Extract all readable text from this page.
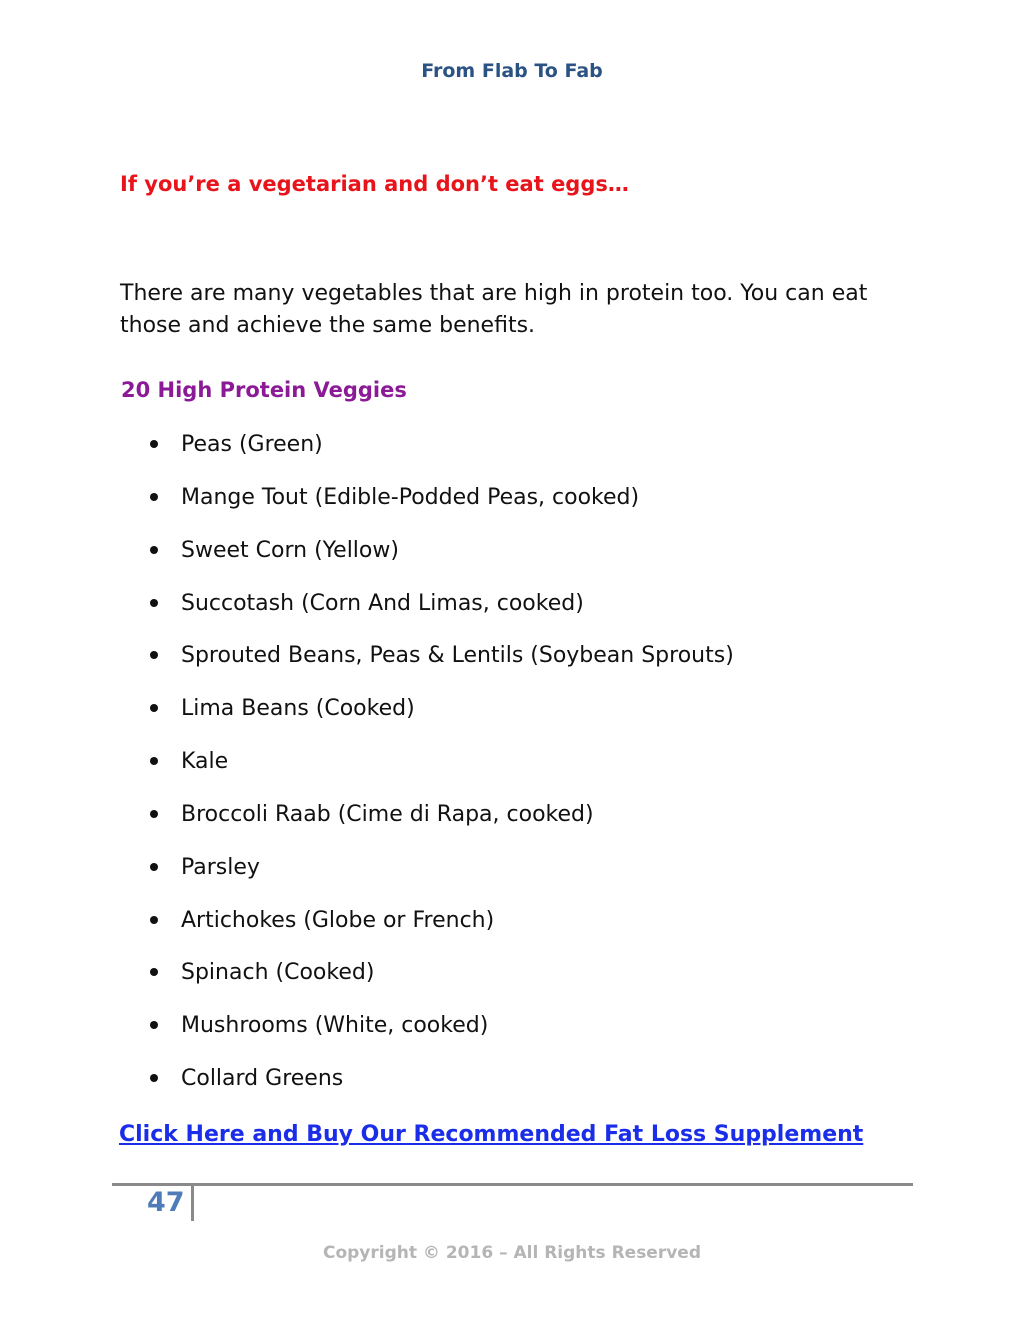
From Flab To Fab
If you’re a vegetarian and don’t eat eggs…
There are many vegetables that are high in protein too. You can eat those and achieve the same benefits.
20 High Protein Veggies
Peas (Green)
Mange Tout (Edible-Podded Peas, cooked)
Sweet Corn (Yellow)
Succotash (Corn And Limas, cooked)
Sprouted Beans, Peas & Lentils (Soybean Sprouts)
Lima Beans (Cooked)
Kale
Broccoli Raab (Cime di Rapa, cooked)
Parsley
Artichokes (Globe or French)
Spinach (Cooked)
Mushrooms (White, cooked)
Collard Greens
Click Here and Buy Our Recommended Fat Loss Supplement
47
Copyright © 2016 – All Rights Reserved
